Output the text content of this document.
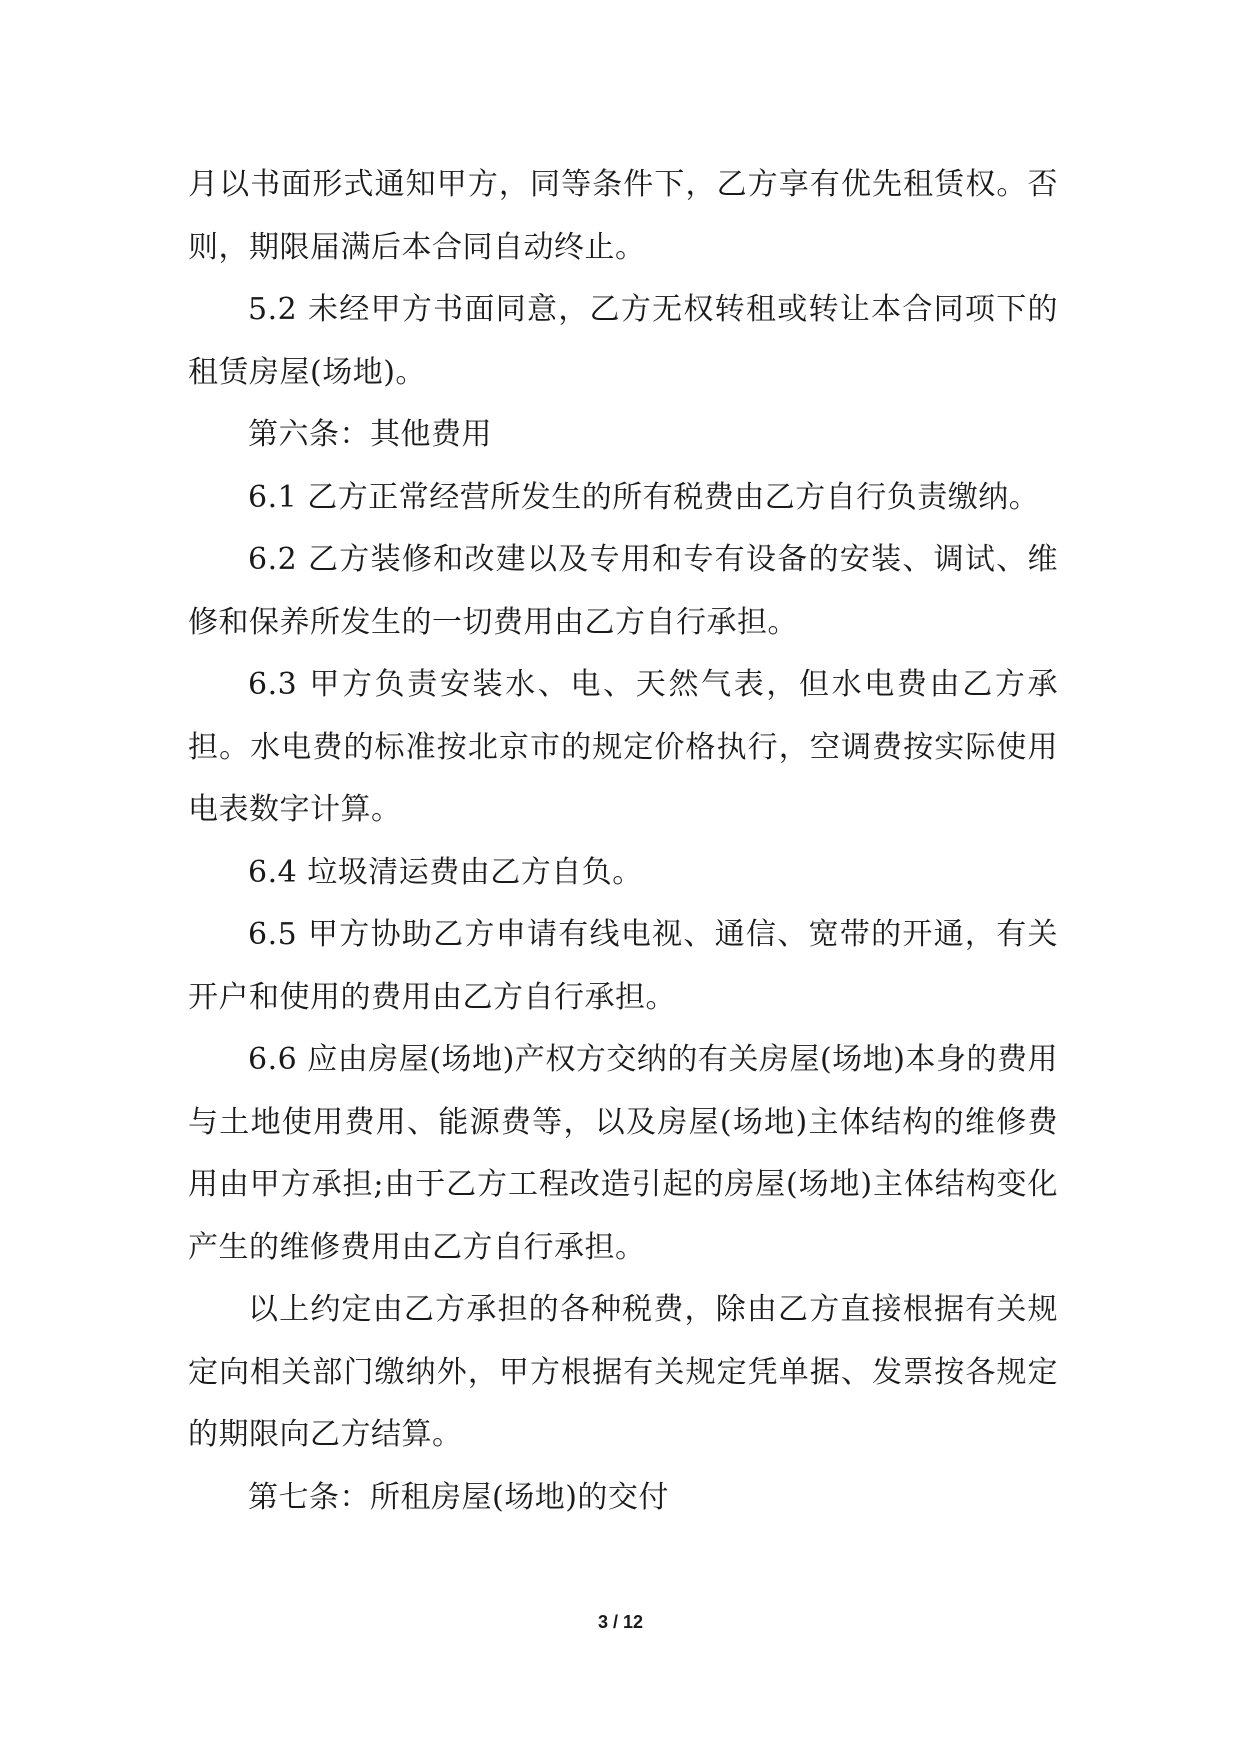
月以书面形式通知甲方，同等条件下，乙方享有优先租赁权。否则，期限届满后本合同自动终止。

5.2 未经甲方书面同意，乙方无权转租或转让本合同项下的租赁房屋(场地)。

第六条：其他费用

6.1 乙方正常经营所发生的所有税费由乙方自行负责缴纳。

6.2 乙方装修和改建以及专用和专有设备的安装、调试、维修和保养所发生的一切费用由乙方自行承担。

6.3 甲方负责安装水、电、天然气表，但水电费由乙方承担。水电费的标准按北京市的规定价格执行，空调费按实际使用电表数字计算。

6.4 垃圾清运费由乙方自负。

6.5 甲方协助乙方申请有线电视、通信、宽带的开通，有关开户和使用的费用由乙方自行承担。

6.6 应由房屋(场地)产权方交纳的有关房屋(场地)本身的费用与土地使用费用、能源费等，以及房屋(场地)主体结构的维修费用由甲方承担;由于乙方工程改造引起的房屋(场地)主体结构变化产生的维修费用由乙方自行承担。

以上约定由乙方承担的各种税费，除由乙方直接根据有关规定向相关部门缴纳外，甲方根据有关规定凭单据、发票按各规定的期限向乙方结算。

第七条：所租房屋(场地)的交付

3 / 12
